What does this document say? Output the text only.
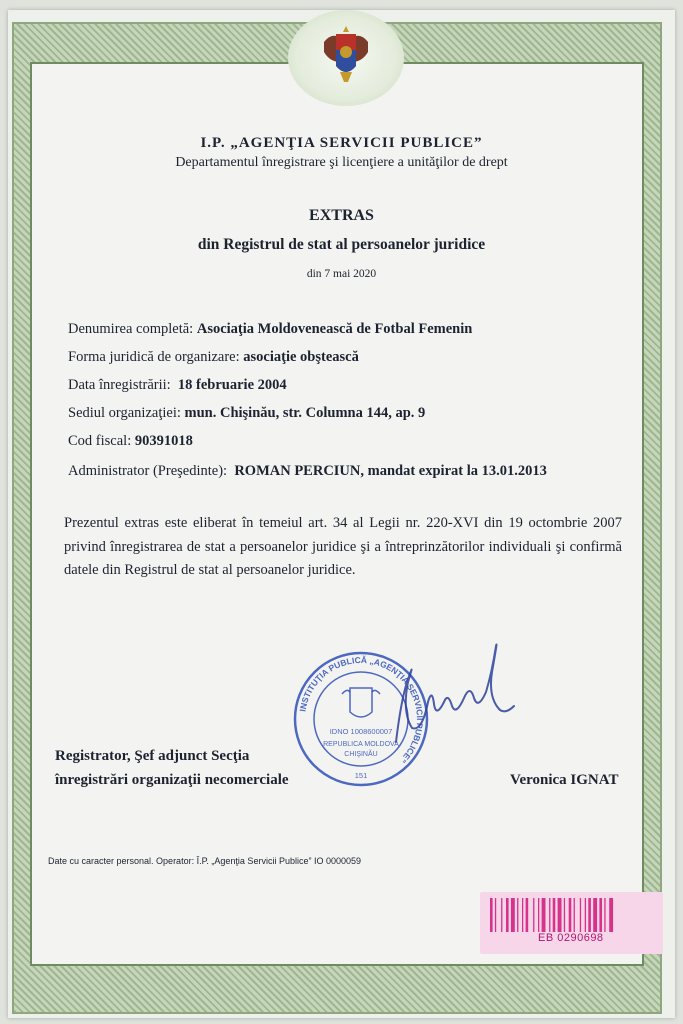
I.P. „AGENŢIA SERVICII PUBLICE”
Departamentul înregistrare şi licenţiere a unităţilor de drept
EXTRAS
din Registrul de stat al persoanelor juridice
din 7 mai 2020
Denumirea completă: Asociaţia Moldovenească de Fotbal Femenin
Forma juridică de organizare: asociaţie obştească
Data înregistrării: 18 februarie 2004
Sediul organizaţiei: mun. Chişinău, str. Columna 144, ap. 9
Cod fiscal: 90391018
Administrator (Preşedinte): ROMAN PERCIUN, mandat expirat la 13.01.2013
Prezentul extras este eliberat în temeiul art. 34 al Legii nr. 220-XVI din 19 octombrie 2007 privind înregistrarea de stat a persoanelor juridice şi a întreprinzătorilor individuali şi confirmă datele din Registrul de stat al persoanelor juridice.
INSTITUŢIA PUBLICĂ „AGENŢIA SERVICII PUBLICE”
IDNO 1008600007
REPUBLICA MOLDOVA
CHIŞINĂU
151
Registrator, Şef adjunct Secţia
înregistrări organizaţii necomerciale	Veronica IGNAT
Date cu caracter personal. Operator: Î.P. „Agenţia Servicii Publice” IO 0000059
EB 0290698
